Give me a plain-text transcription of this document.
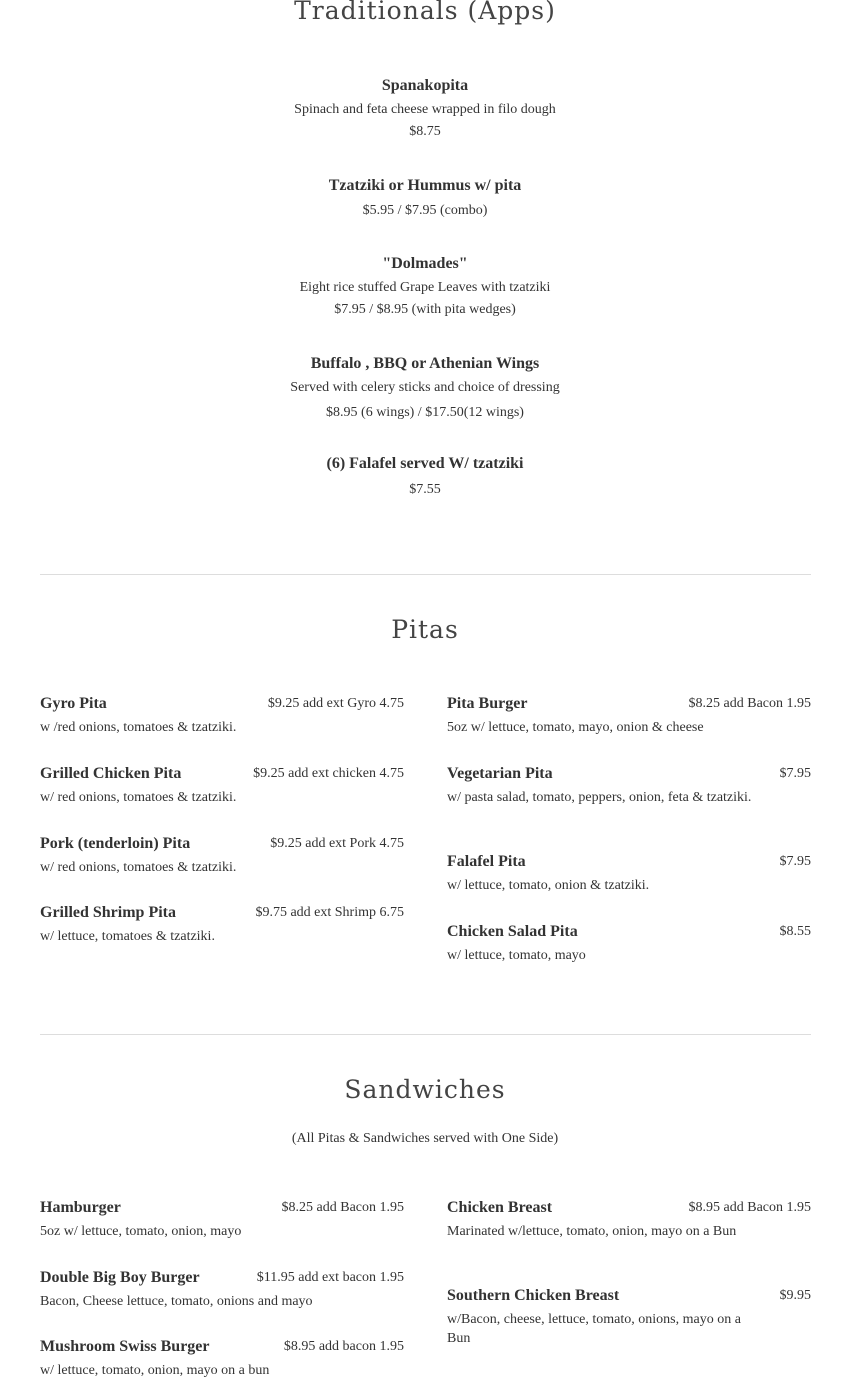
Traditionals (Apps)
Spanakopita
Spinach and feta cheese wrapped in filo dough
$8.75
Tzatziki or Hummus w/ pita
$5.95 / $7.95 (combo)
"Dolmades"
Eight rice stuffed Grape Leaves with tzatziki
$7.95 / $8.95 (with pita wedges)
Buffalo , BBQ or Athenian Wings
Served with celery sticks and choice of dressing
$8.95 (6 wings) / $17.50(12 wings)
(6) Falafel served W/ tzatziki
$7.55
Pitas
Gyro Pita	$9.25 add ext Gyro 4.75
w /red onions, tomatoes & tzatziki.
Grilled Chicken Pita	$9.25 add ext chicken 4.75
w/ red onions, tomatoes & tzatziki.
Pork (tenderloin) Pita	$9.25 add ext Pork 4.75
w/ red onions, tomatoes & tzatziki.
Grilled Shrimp Pita	$9.75 add ext Shrimp 6.75
w/ lettuce, tomatoes & tzatziki.
Pita Burger	$8.25 add Bacon 1.95
5oz w/ lettuce, tomato, mayo, onion & cheese
Vegetarian Pita	$7.95
w/ pasta salad, tomato, peppers, onion, feta & tzatziki.
Falafel Pita	$7.95
w/ lettuce, tomato, onion & tzatziki.
Chicken Salad Pita	$8.55
w/ lettuce, tomato, mayo
Sandwiches
(All Pitas & Sandwiches served with One Side)
Hamburger	$8.25 add Bacon 1.95
5oz w/ lettuce, tomato, onion, mayo
Double Big Boy Burger	$11.95 add ext bacon 1.95
Bacon, Cheese lettuce, tomato, onions and mayo
Mushroom Swiss Burger	$8.95 add bacon 1.95
w/ lettuce, tomato, onion, mayo on a bun
Chicken Breast	$8.95 add Bacon 1.95
Marinated w/lettuce, tomato, onion, mayo on a Bun
Southern Chicken Breast	$9.95
w/Bacon, cheese, lettuce, tomato, onions, mayo on a Bun
